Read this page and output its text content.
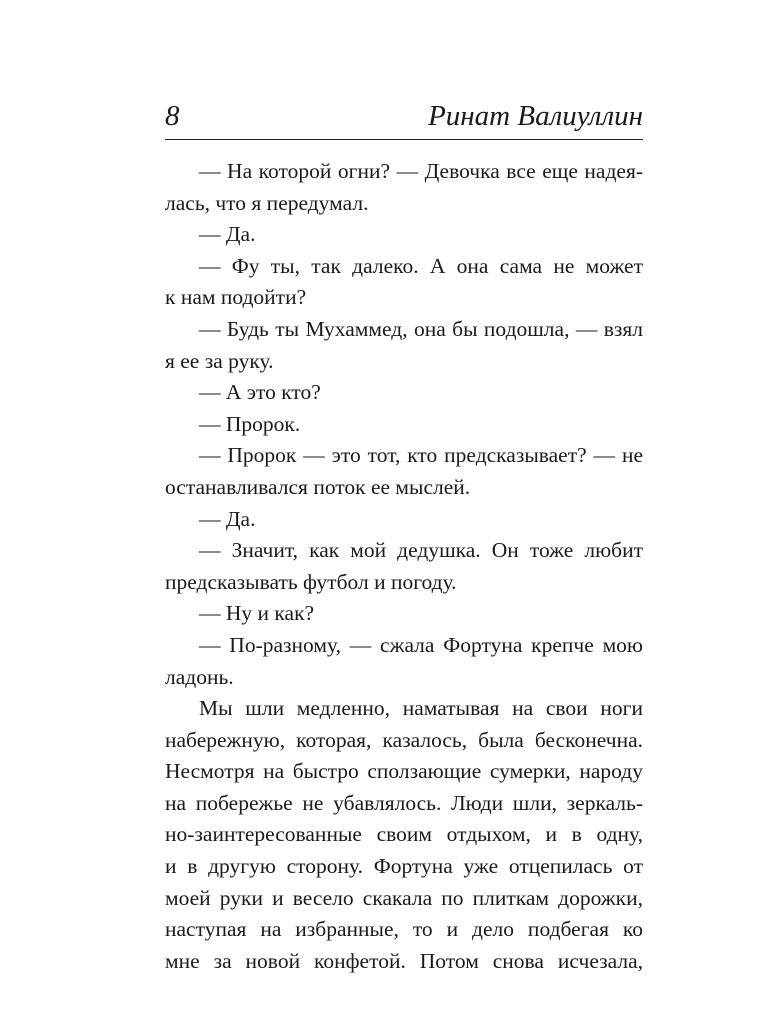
8	Ринат Валиуллин
— На которой огни? — Девочка все еще надея-
лась, что я передумал.
— Да.
— Фу ты, так далеко. А она сама не может
к нам подойти?
— Будь ты Мухаммед, она бы подошла, — взял
я ее за руку.
— А это кто?
— Пророк.
— Пророк — это тот, кто предсказывает? — не
останавливался поток ее мыслей.
— Да.
— Значит, как мой дедушка. Он тоже любит
предсказывать футбол и погоду.
— Ну и как?
— По-разному, — сжала Фортуна крепче мою
ладонь.
Мы шли медленно, наматывая на свои ноги
набережную, которая, казалось, была бесконечна.
Несмотря на быстро сползающие сумерки, народу
на побережье не убавлялось. Люди шли, зеркаль-
но-заинтересованные своим отдыхом, и в одну,
и в другую сторону. Фортуна уже отцепилась от
моей руки и весело скакала по плиткам дорожки,
наступая на избранные, то и дело подбегая ко
мне за новой конфетой. Потом снова исчезала,
